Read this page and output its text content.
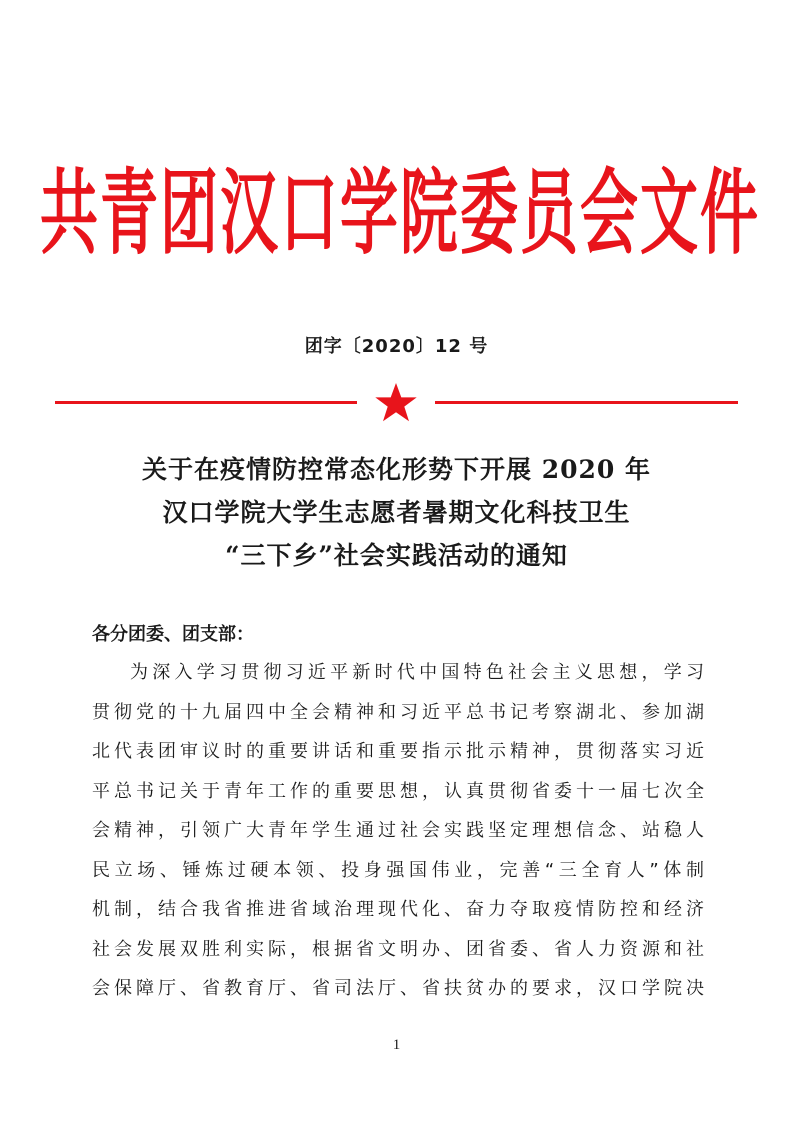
共青团汉口学院委员会文件
团字〔2020〕12 号
关于在疫情防控常态化形势下开展 2020 年
汉口学院大学生志愿者暑期文化科技卫生
“三下乡”社会实践活动的通知
各分团委、团支部：
为深入学习贯彻习近平新时代中国特色社会主义思想，学习
贯彻党的十九届四中全会精神和习近平总书记考察湖北、参加湖
北代表团审议时的重要讲话和重要指示批示精神，贯彻落实习近
平总书记关于青年工作的重要思想，认真贯彻省委十一届七次全
会精神，引领广大青年学生通过社会实践坚定理想信念、站稳人
民立场、锤炼过硬本领、投身强国伟业，完善“三全育人”体制
机制，结合我省推进省域治理现代化、奋力夺取疫情防控和经济
社会发展双胜利实际，根据省文明办、团省委、省人力资源和社
会保障厅、省教育厅、省司法厅、省扶贫办的要求，汉口学院决
1
